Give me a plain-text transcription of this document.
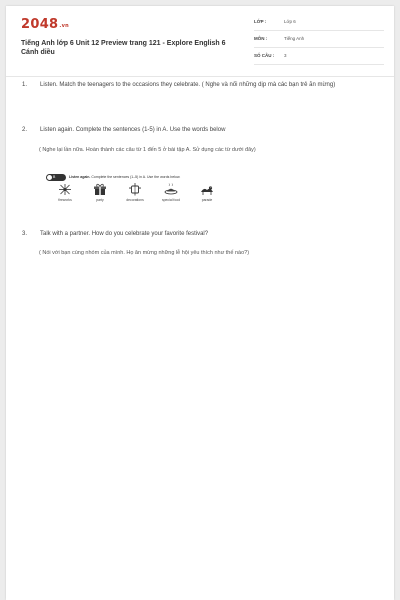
$2048^{.vn}$
Tiếng Anh lớp 6 Unit 12 Preview trang 121 - Explore English 6 Cánh diều
LỚP :	Lớp 6
MÔN :	Tiếng Anh
SỐ CÂU : 3
1. Listen. Match the teenagers to the occasions they celebrate. ( Nghe và nối những dịp mà các bạn trẻ ăn mừng)
2. Listen again. Complete the sentences (1-5) in A. Use the words below
( Nghe lại lần nữa. Hoàn thành các câu từ 1 đến 5 ở bài tập A. Sử dụng các từ dưới đây)
B	Listen again. Complete the sentences (1–5) in A. Use the words below.
fireworks	party	decorations	special food	parade
3. Talk with a partner. How do you celebrate your favorite festival?
( Nói với bạn cùng nhóm của mình. Họ ăn mừng những lễ hội yêu thích như thế nào?)
